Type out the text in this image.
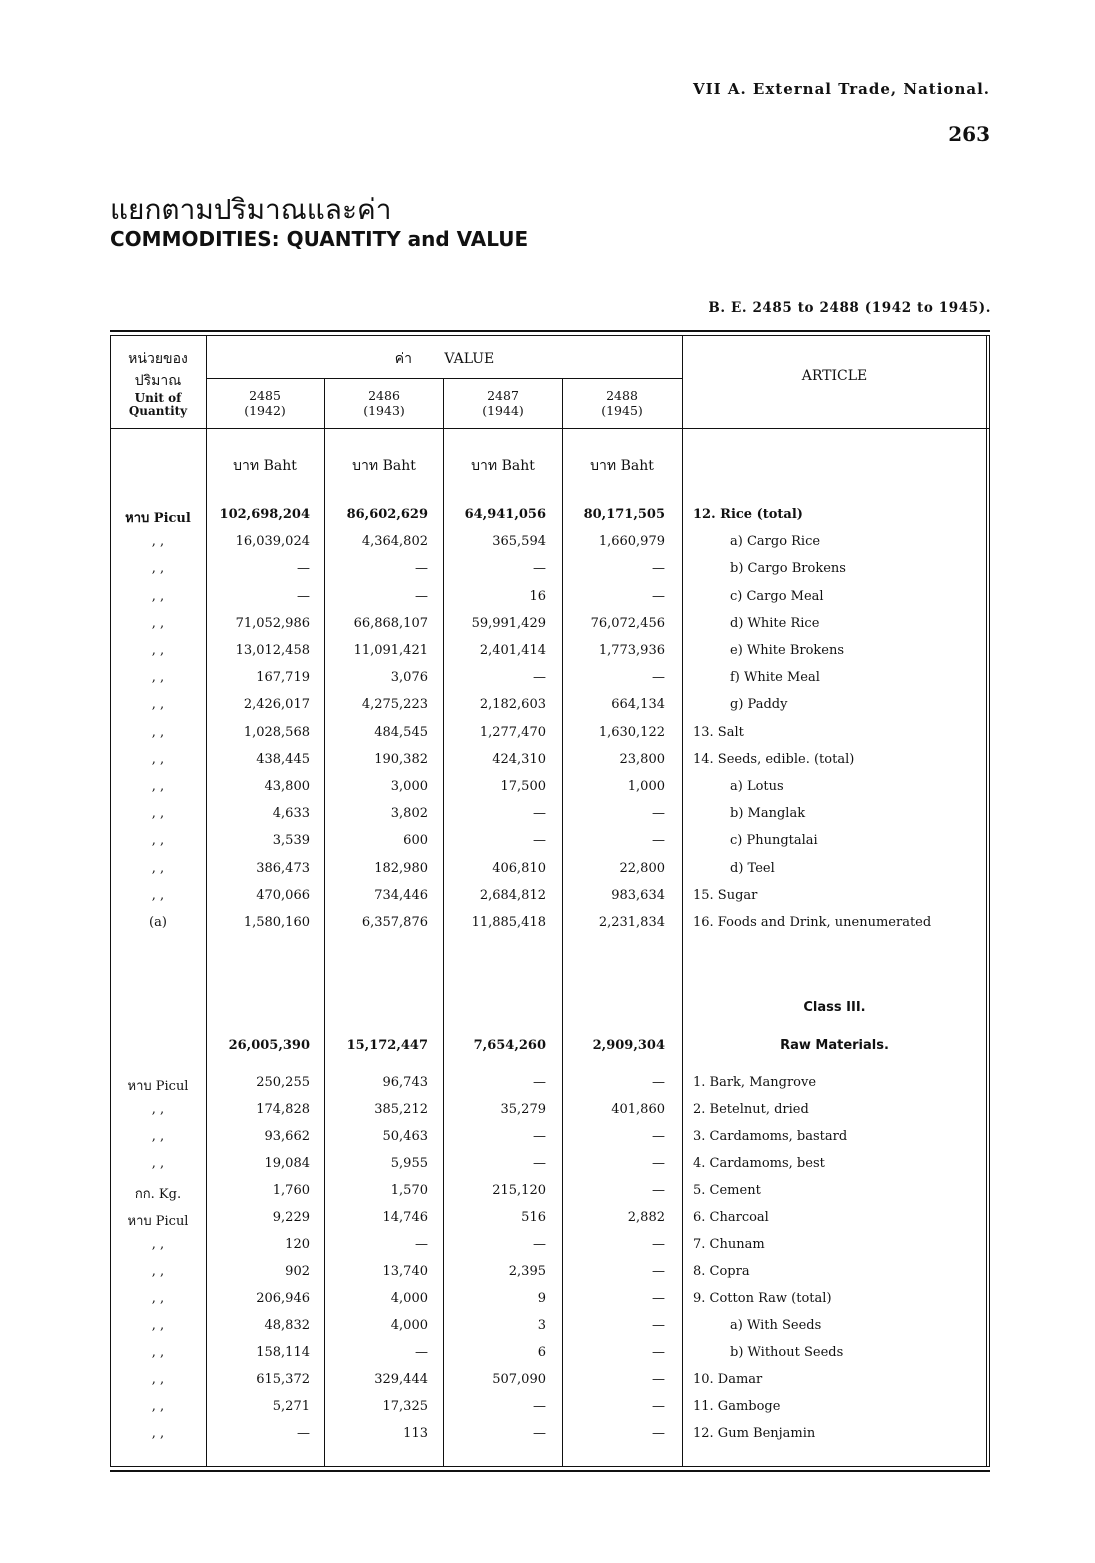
VII A. External Trade, National.
263
แยกตามปริมาณและค่า
COMMODITIES: QUANTITY and VALUE
B. E. 2485 to 2488 (1942 to 1945).
หน่วยของปริมาณ
Unit of Quantity
ค่า VALUE
ARTICLE
2485
(1942)
2486
(1943)
2487
(1944)
2488
(1945)
บาท Baht	บาท Baht	บาท Baht	บาท Baht
หาบ Picul	102,698,204	86,602,629	64,941,056	80,171,505 12. Rice (total)
, ,	16,039,024	4,364,802	365,594	1,660,979	a) Cargo Rice
, ,	—	—	—	—	b) Cargo Brokens
, ,	—	—	16	—	c) Cargo Meal
, ,	71,052,986	66,868,107	59,991,429	76,072,456	d) White Rice
, ,	13,012,458	11,091,421	2,401,414	1,773,936	e) White Brokens
, ,	167,719	3,076	—	—	f) White Meal
, ,	2,426,017	4,275,223	2,182,603	664,134	g) Paddy
, ,	1,028,568	484,545	1,277,470	1,630,122 13. Salt
, ,	438,445	190,382	424,310	23,800 14. Seeds, edible. (total)
, ,	43,800	3,000	17,500	1,000	a) Lotus
, ,	4,633	3,802	—	—	b) Manglak
, ,	3,539	600	—	—	c) Phungtalai
, ,	386,473	182,980	406,810	22,800	d) Teel
, ,	470,066	734,446	2,684,812	983,634 15. Sugar
(a)	1,580,160	6,357,876	11,885,418	2,231,834 16. Foods and Drink, unenumerated
Class III.
26,005,390	15,172,447	7,654,260	2,909,304	Raw Materials.
หาบ Picul	250,255	96,743	—	— 1. Bark, Mangrove
, ,	174,828	385,212	35,279	401,860 2. Betelnut, dried
, ,	93,662	50,463	—	— 3. Cardamoms, bastard
, ,	19,084	5,955	—	— 4. Cardamoms, best
กก. Kg.	1,760	1,570	215,120	— 5. Cement
หาบ Picul	9,229	14,746	516	2,882 6. Charcoal
, ,	120	—	—	— 7. Chunam
, ,	902	13,740	2,395	— 8. Copra
, ,	206,946	4,000	9	— 9. Cotton Raw (total)
, ,	48,832	4,000	3	—	a) With Seeds
, ,	158,114	—	6	—	b) Without Seeds
, ,	615,372	329,444	507,090	— 10. Damar
, ,	5,271	17,325	—	— 11. Gamboge
, ,	—	113	—	— 12. Gum Benjamin
